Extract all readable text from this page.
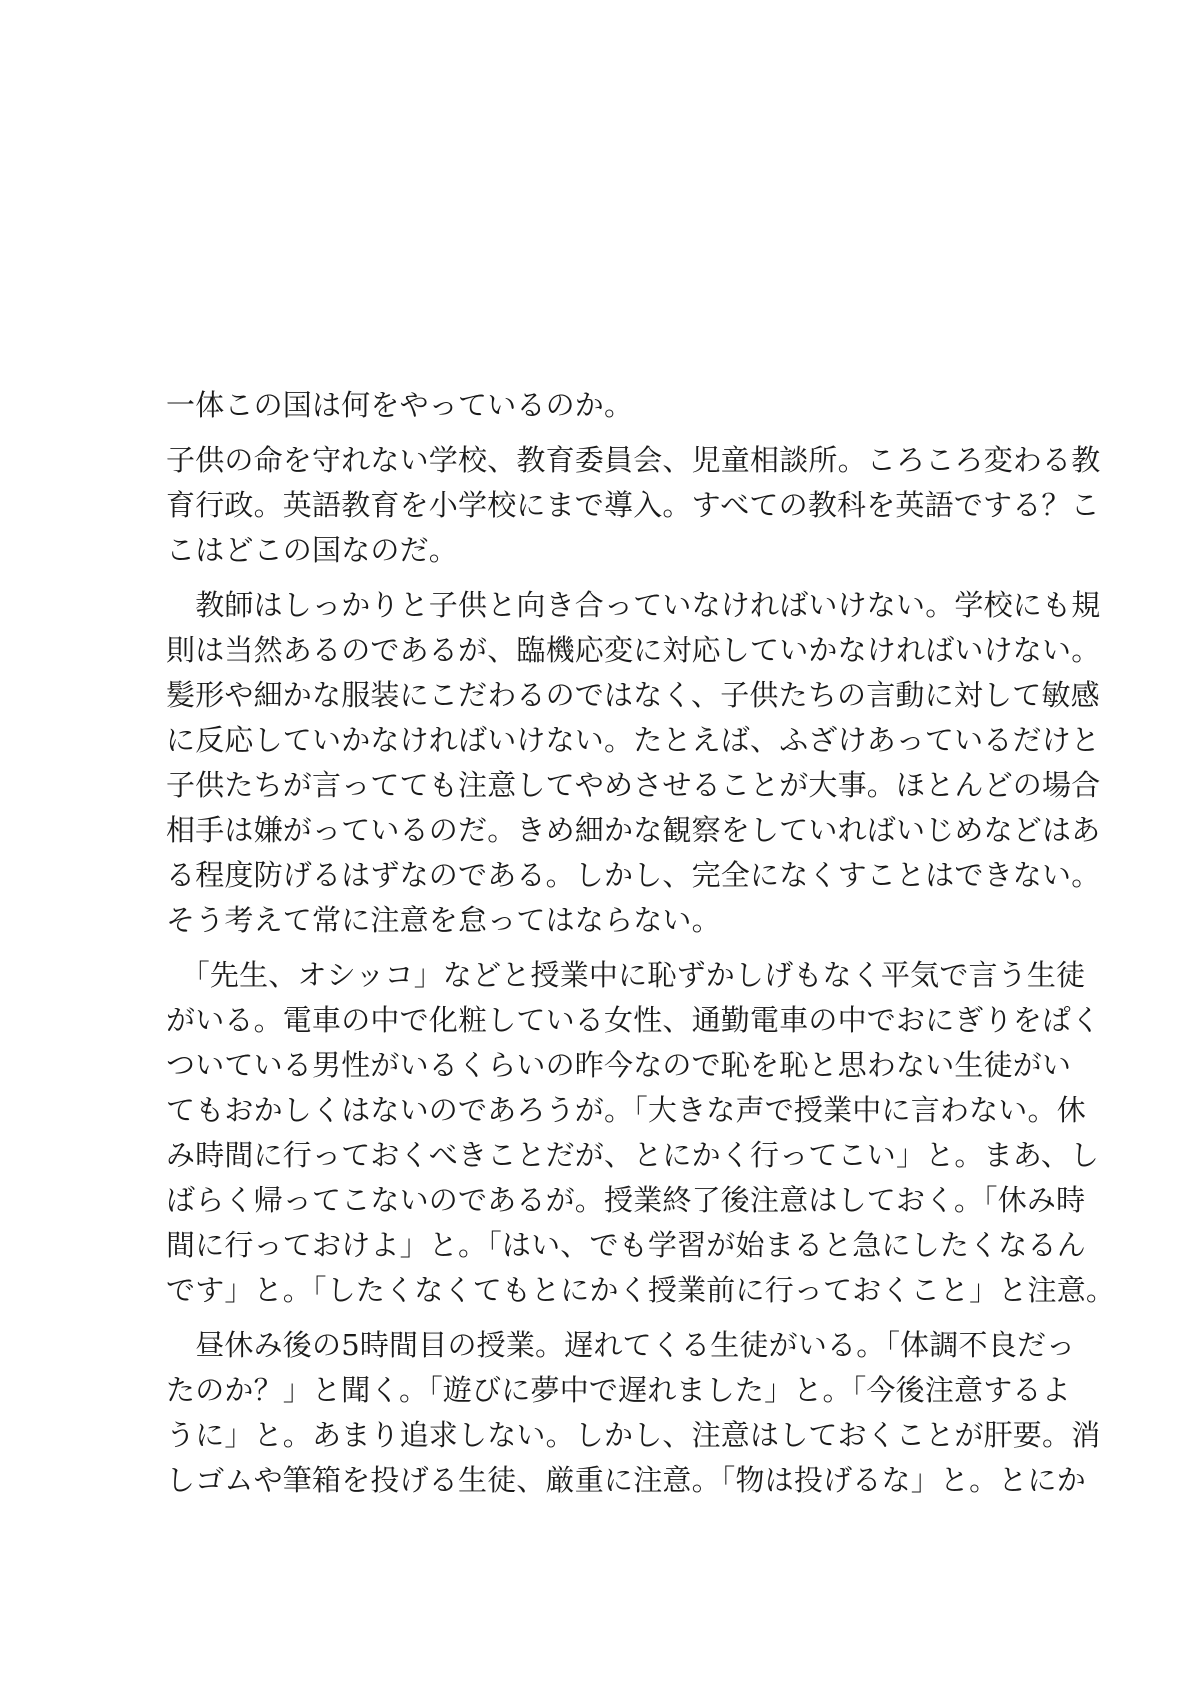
一体この国は何をやっているのか。

子供の命を守れない学校、教育委員会、児童相談所。ころころ変わる教
育行政。英語教育を小学校にまで導入。すべての教科を英語でする？こ
こはどこの国なのだ。

　教師はしっかりと子供と向き合っていなければいけない。学校にも規
則は当然あるのであるが、臨機応変に対応していかなければいけない。
髪形や細かな服装にこだわるのではなく、子供たちの言動に対して敏感
に反応していかなければいけない。たとえば、ふざけあっているだけと
子供たちが言ってても注意してやめさせることが大事。ほとんどの場合
相手は嫌がっているのだ。きめ細かな観察をしていればいじめなどはあ
る程度防げるはずなのである。しかし、完全になくすことはできない。
そう考えて常に注意を怠ってはならない。

　「先生、オシッコ」などと授業中に恥ずかしげもなく平気で言う生徒
がいる。電車の中で化粧している女性、通勤電車の中でおにぎりをぱく
ついている男性がいるくらいの昨今なので恥を恥と思わない生徒がい
てもおかしくはないのであろうが。「大きな声で授業中に言わない。休
み時間に行っておくべきことだが、とにかく行ってこい」と。まあ、し
ばらく帰ってこないのであるが。授業終了後注意はしておく。「休み時
間に行っておけよ」と。「はい、でも学習が始まると急にしたくなるん
です」と。「したくなくてもとにかく授業前に行っておくこと」と注意。

　昼休み後の5時間目の授業。遅れてくる生徒がいる。「体調不良だっ
たのか？」と聞く。「遊びに夢中で遅れました」と。「今後注意するよ
うに」と。あまり追求しない。しかし、注意はしておくことが肝要。消
しゴムや筆箱を投げる生徒、厳重に注意。「物は投げるな」と。とにか
